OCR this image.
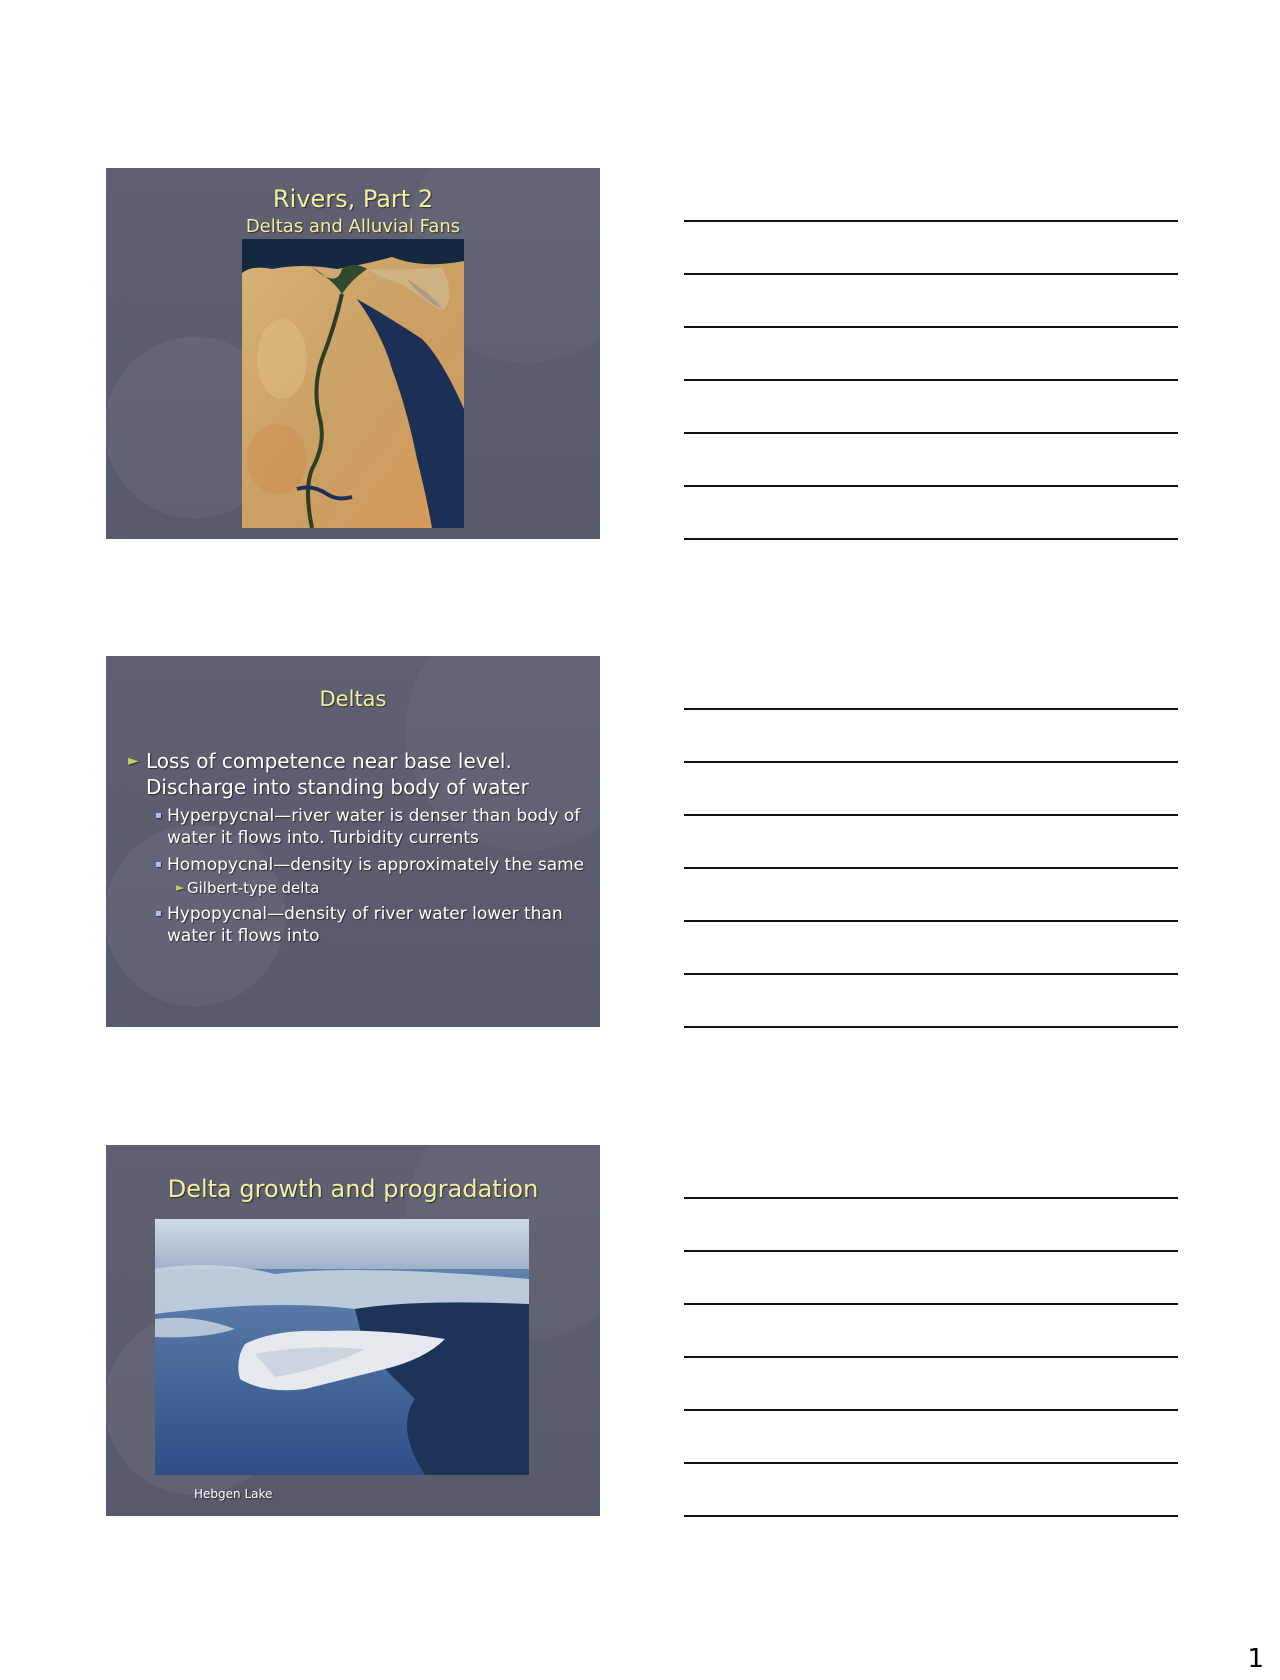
Rivers, Part 2
Deltas and Alluvial Fans
Deltas
► Loss of competence near base level. Discharge into standing body of water
▪ Hyperpycnal—river water is denser than body of water it flows into. Turbidity currents
▪ Homopycnal—density is approximately the same
► Gilbert-type delta
▪ Hypopycnal—density of river water lower than water it flows into
Delta growth and progradation
Hebgen Lake
1
